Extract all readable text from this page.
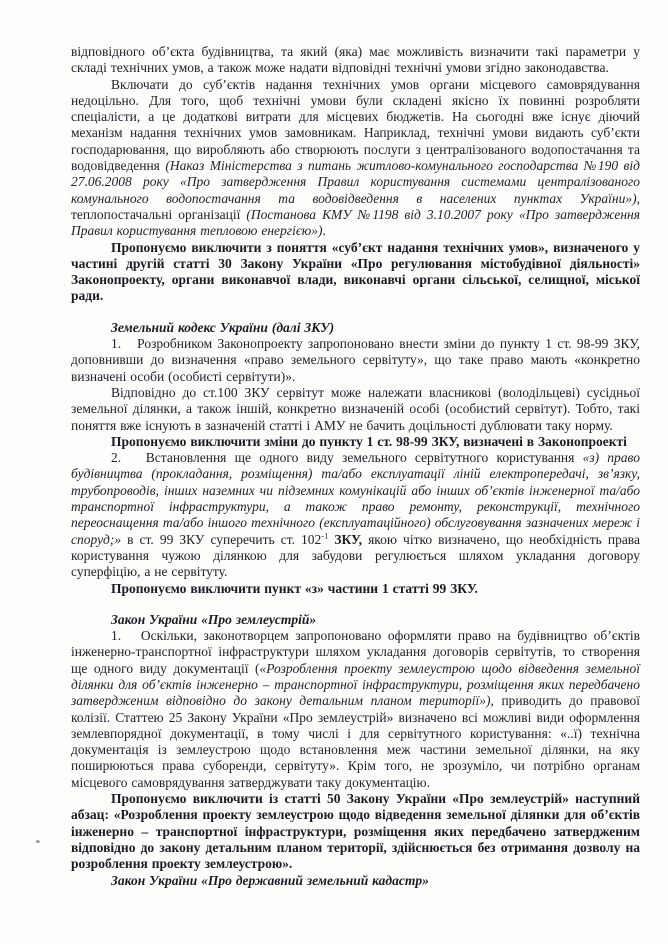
відповідного об’єкта будівництва, та який (яка) має можливість визначити такі параметри у складі технічних умов, а також може надати відповідні технічні умови згідно законодавства.

Включати до суб’єктів надання технічних умов органи місцевого самоврядування недоцільно. Для того, щоб технічні умови були складені якісно їх повинні розробляти спеціалісти, а це додаткові витрати для місцевих бюджетів. На сьогодні вже існує діючий механізм надання технічних умов замовникам. Наприклад, технічні умови видають суб’єкти господарювання, що виробляють або створюють послуги з централізованого водопостачання та водовідведення (Наказ Міністерства з питань житлово-комунального господарства №190 від 27.06.2008 року «Про затвердження Правил користування системами централізованого комунального водопостачання та водовідведення в населених пунктах України»), теплопостачальні організації (Постанова КМУ №1198 від 3.10.2007 року «Про затвердження Правил користування тепловою енергією»).

Пропонуємо виключити з поняття «суб’єкт надання технічних умов», визначеного у частині другій статті 30 Закону України «Про регулювання містобудівної діяльності» Законопроекту, органи виконавчої влади, виконавчі органи сільської, селищної, міської ради.

Земельний кодекс України (далі ЗКУ)

1.   Розробником Законопроекту запропоновано внести зміни до пункту 1 ст. 98-99 ЗКУ, доповнивши до визначення «право земельного сервітуту», що таке право мають «конкретно визначені особи (особисті сервітути)».

Відповідно до ст.100 ЗКУ сервітут може належати власникові (володільцеві) сусідньої земельної ділянки, а також іншій, конкретно визначеній особі (особистий сервітут). Тобто, такі поняття вже існують в зазначеній статті і АМУ не бачить доцільності дублювати таку норму.

Пропонуємо виключити зміни до пункту 1 ст. 98-99 ЗКУ, визначені в Законопроекті

2.   Встановлення ще одного виду земельного сервітутного користування «з) право будівництва (прокладання, розміщення) та/або експлуатації ліній електропередачі, зв’язку, трубопроводів, інших наземних чи підземних комунікацій або інших об’єктів інженерної та/або транспортної інфраструктури, а також право ремонту, реконструкції, технічного переоснащення та/або іншого технічного (експлуатаційного) обслуговування зазначених мереж і споруд;» в ст. 99 ЗКУ суперечить ст. $102^{-1}$ ЗКУ, якою чітко визначено, що необхідність права користування чужою ділянкою для забудови регулюється шляхом укладання договору суперфіцію, а не сервітуту.

Пропонуємо виключити пункт «з» частини 1 статті 99 ЗКУ.

Закон України «Про землеустрій»

1.   Оскільки, законотворцем запропоновано оформляти право на будівництво об’єктів інженерно-транспортної інфраструктури шляхом укладання договорів сервітутів, то створення ще одного виду документації («Розроблення проекту землеустрою щодо відведення земельної ділянки для об’єктів інженерно – транспортної інфраструктури, розміщення яких передбачено затвердженим відповідно до закону детальним планом території»), приводить до правової колізії. Статтею 25 Закону України «Про землеустрій» визначено всі можливі види оформлення землевпорядної документації, в тому числі і для сервітутного користування: «..ї) технічна документація із землеустрою щодо встановлення меж частини земельної ділянки, на яку поширюються права суборенди, сервітуту». Крім того, не зрозуміло, чи потрібно органам місцевого самоврядування затверджувати таку документацію.

Пропонуємо виключити із статті 50 Закону України «Про землеустрій» наступний абзац: «Розроблення проекту землеустрою щодо відведення земельної ділянки для об’єктів інженерно – транспортної інфраструктури, розміщення яких передбачено затвердженим відповідно до закону детальним планом території, здійснюється без отримання дозволу на розроблення проекту землеустрою».

Закон України «Про державний земельний кадастр»
